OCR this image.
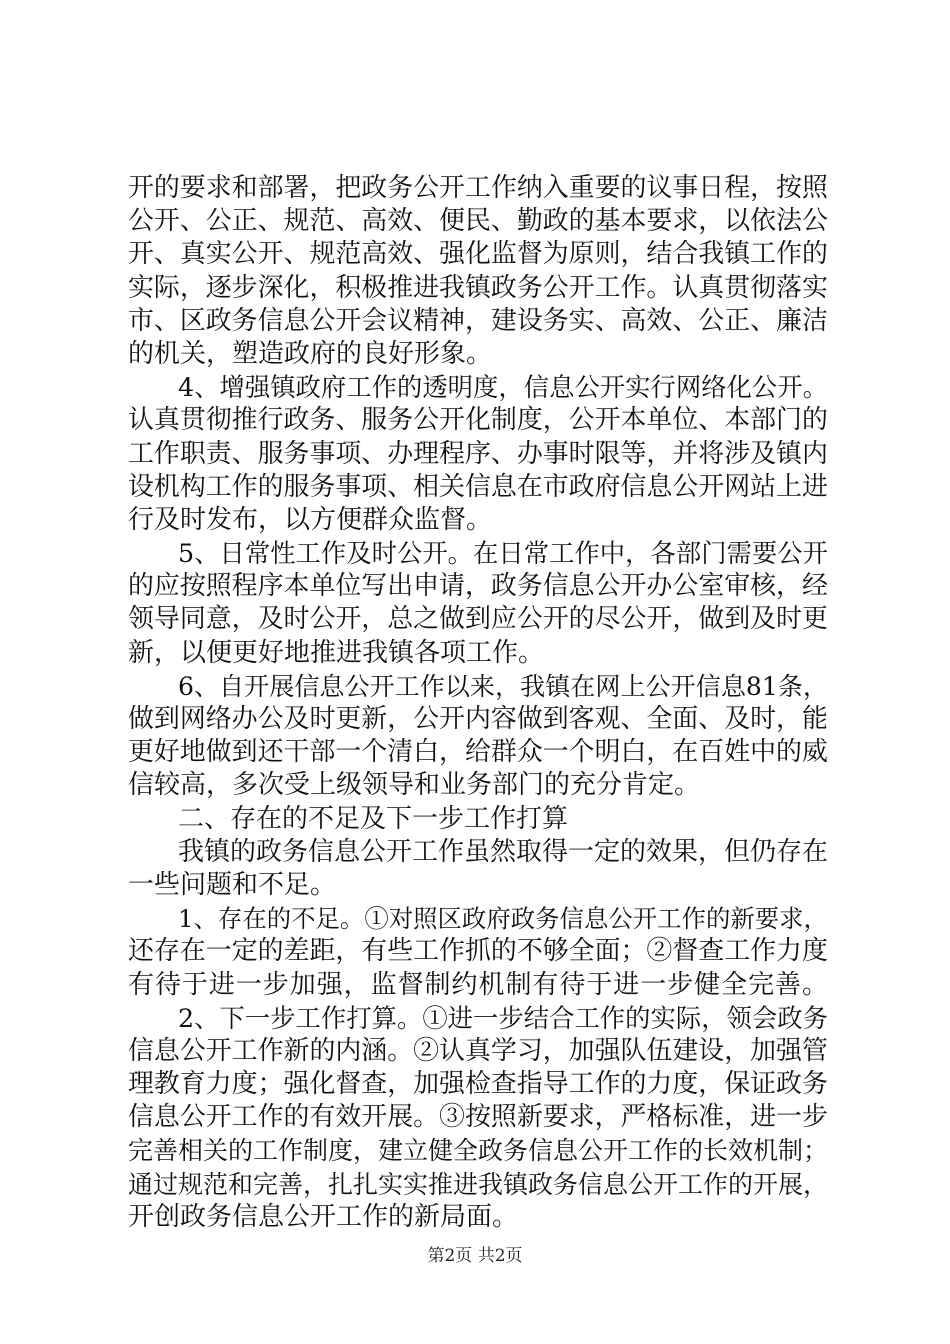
开的要求和部署，把政务公开工作纳入重要的议事日程，按照
公开、公正、规范、高效、便民、勤政的基本要求，以依法公
开、真实公开、规范高效、强化监督为原则，结合我镇工作的
实际，逐步深化，积极推进我镇政务公开工作。认真贯彻落实
市、区政务信息公开会议精神，建设务实、高效、公正、廉洁
的机关，塑造政府的良好形象。
4、增强镇政府工作的透明度，信息公开实行网络化公开。
认真贯彻推行政务、服务公开化制度，公开本单位、本部门的
工作职责、服务事项、办理程序、办事时限等，并将涉及镇内
设机构工作的服务事项、相关信息在市政府信息公开网站上进
行及时发布，以方便群众监督。
5、日常性工作及时公开。在日常工作中，各部门需要公开
的应按照程序本单位写出申请，政务信息公开办公室审核，经
领导同意，及时公开，总之做到应公开的尽公开，做到及时更
新，以便更好地推进我镇各项工作。
6、自开展信息公开工作以来，我镇在网上公开信息81条，
做到网络办公及时更新，公开内容做到客观、全面、及时，能
更好地做到还干部一个清白，给群众一个明白，在百姓中的威
信较高，多次受上级领导和业务部门的充分肯定。
二、存在的不足及下一步工作打算
我镇的政务信息公开工作虽然取得一定的效果，但仍存在
一些问题和不足。
1、存在的不足。①对照区政府政务信息公开工作的新要求，
还存在一定的差距，有些工作抓的不够全面；②督查工作力度
有待于进一步加强，监督制约机制有待于进一步健全完善。
2、下一步工作打算。①进一步结合工作的实际，领会政务
信息公开工作新的内涵。②认真学习，加强队伍建设，加强管
理教育力度；强化督查，加强检查指导工作的力度，保证政务
信息公开工作的有效开展。③按照新要求，严格标准，进一步
完善相关的工作制度，建立健全政务信息公开工作的长效机制；
通过规范和完善，扎扎实实推进我镇政务信息公开工作的开展，
开创政务信息公开工作的新局面。
第2页 共2页
